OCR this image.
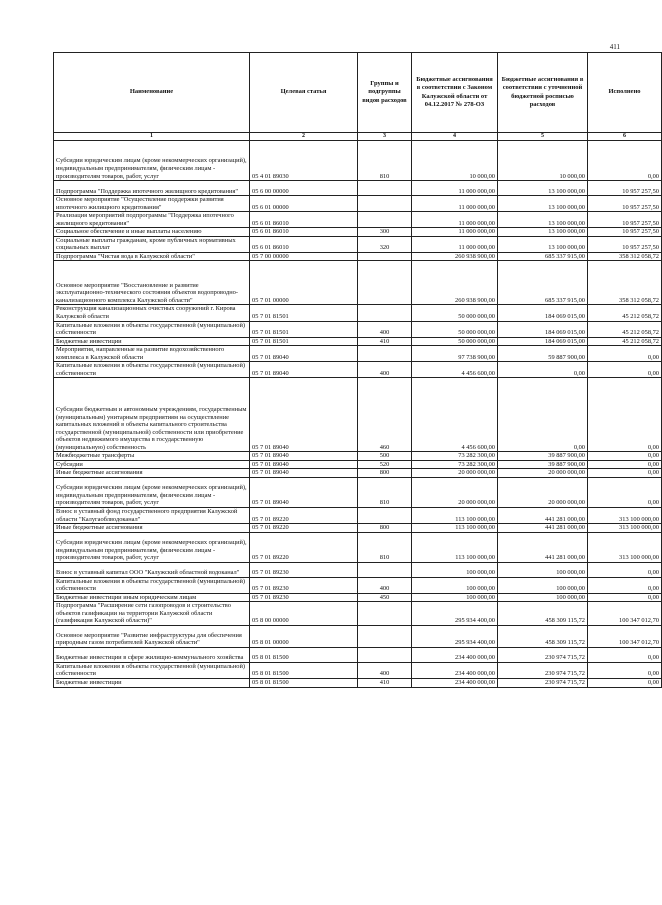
411
Наименование	Целевая статья	Группы и подгруппы видов расходов	Бюджетные ассигнования в соответствии с Законом Калужской области от 04.12.2017 № 278-ОЗ	Бюджетные ассигнования в соответствии с уточненной бюджетной росписью расходов	Исполнено
1	2	3	4	5	6
Субсидии юридическим лицам (кроме некоммерческих организаций), индивидуальным предпринимателям, физическим лицам - производителям товаров, работ, услуг	05 4 01 89030	810	10 000,00	10 000,00	0,00
Подпрограмма "Поддержка ипотечного жилищного кредитования"	05 6 00 00000		11 000 000,00	13 100 000,00	10 957 257,50
Основное мероприятие "Осуществление поддержки развития ипотечного жилищного кредитования"	05 6 01 00000		11 000 000,00	13 100 000,00	10 957 257,50
Реализация мероприятий подпрограммы "Поддержка ипотечного жилищного кредитования"	05 6 01 86010		11 000 000,00	13 100 000,00	10 957 257,50
Социальное обеспечение и иные выплаты населению	05 6 01 86010	300	11 000 000,00	13 100 000,00	10 957 257,50
Социальные выплаты гражданам, кроме публичных нормативных социальных выплат	05 6 01 86010	320	11 000 000,00	13 100 000,00	10 957 257,50
Подпрограмма "Чистая вода в Калужской области"	05 7 00 00000		260 938 900,00	685 337 915,00	358 312 058,72
Основное мероприятие "Восстановление и развитие эксплуатационно-технического состояния объектов водопроводно-канализационного комплекса Калужской области"	05 7 01 00000		260 938 900,00	685 337 915,00	358 312 058,72
Реконструкция канализационных очистных сооружений г. Кирова Калужской области	05 7 01 81501		50 000 000,00	184 069 015,00	45 212 058,72
Капитальные вложения в объекты государственной (муниципальной) собственности	05 7 01 81501	400	50 000 000,00	184 069 015,00	45 212 058,72
Бюджетные инвестиции	05 7 01 81501	410	50 000 000,00	184 069 015,00	45 212 058,72
Мероприятия, направленные на развитие водохозяйственного комплекса в Калужской области	05 7 01 89040		97 738 900,00	59 887 900,00	0,00
Капитальные вложения в объекты государственной (муниципальной) собственности	05 7 01 89040	400	4 456 600,00	0,00	0,00
Субсидии бюджетным и автономным учреждениям, государственным (муниципальным) унитарным предприятиям на осуществление капитальных вложений в объекты капитального строительства государственной (муниципальной) собственности или приобретение объектов недвижимого имущества в государственную (муниципальную) собственность	05 7 01 89040	460	4 456 600,00	0,00	0,00
Межбюджетные трансферты	05 7 01 89040	500	73 282 300,00	39 887 900,00	0,00
Субсидии	05 7 01 89040	520	73 282 300,00	39 887 900,00	0,00
Иные бюджетные ассигнования	05 7 01 89040	800	20 000 000,00	20 000 000,00	0,00
Субсидии юридическим лицам (кроме некоммерческих организаций), индивидуальным предпринимателям, физическим лицам - производителям товаров, работ, услуг	05 7 01 89040	810	20 000 000,00	20 000 000,00	0,00
Взнос в уставный фонд государственного предприятия Калужской области "Калугаоблводоканал"	05 7 01 89220		113 100 000,00	441 281 000,00	313 100 000,00
Иные бюджетные ассигнования	05 7 01 89220	800	113 100 000,00	441 281 000,00	313 100 000,00
Субсидии юридическим лицам (кроме некоммерческих организаций), индивидуальным предпринимателям, физическим лицам - производителям товаров, работ, услуг	05 7 01 89220	810	113 100 000,00	441 281 000,00	313 100 000,00
Взнос в уставный капитал ООО "Калужский областной водоканал"	05 7 01 89230		100 000,00	100 000,00	0,00
Капитальные вложения в объекты государственной (муниципальной) собственности	05 7 01 89230	400	100 000,00	100 000,00	0,00
Бюджетные инвестиции иным юридическим лицам	05 7 01 89230	450	100 000,00	100 000,00	0,00
Подпрограмма "Расширение сети газопроводов и строительство объектов газификации на территории Калужской области (газификация Калужской области)"	05 8 00 00000		295 934 400,00	458 309 115,72	100 347 012,70
Основное мероприятие "Развитие инфраструктуры для обеспечения природным газом потребителей Калужской области"	05 8 01 00000		295 934 400,00	458 309 115,72	100 347 012,70
Бюджетные инвестиции в сфере жилищно-коммунального хозяйства	05 8 01 81500		234 400 000,00	230 974 715,72	0,00
Капитальные вложения в объекты государственной (муниципальной) собственности	05 8 01 81500	400	234 400 000,00	230 974 715,72	0,00
Бюджетные инвестиции	05 8 01 81500	410	234 400 000,00	230 974 715,72	0,00
